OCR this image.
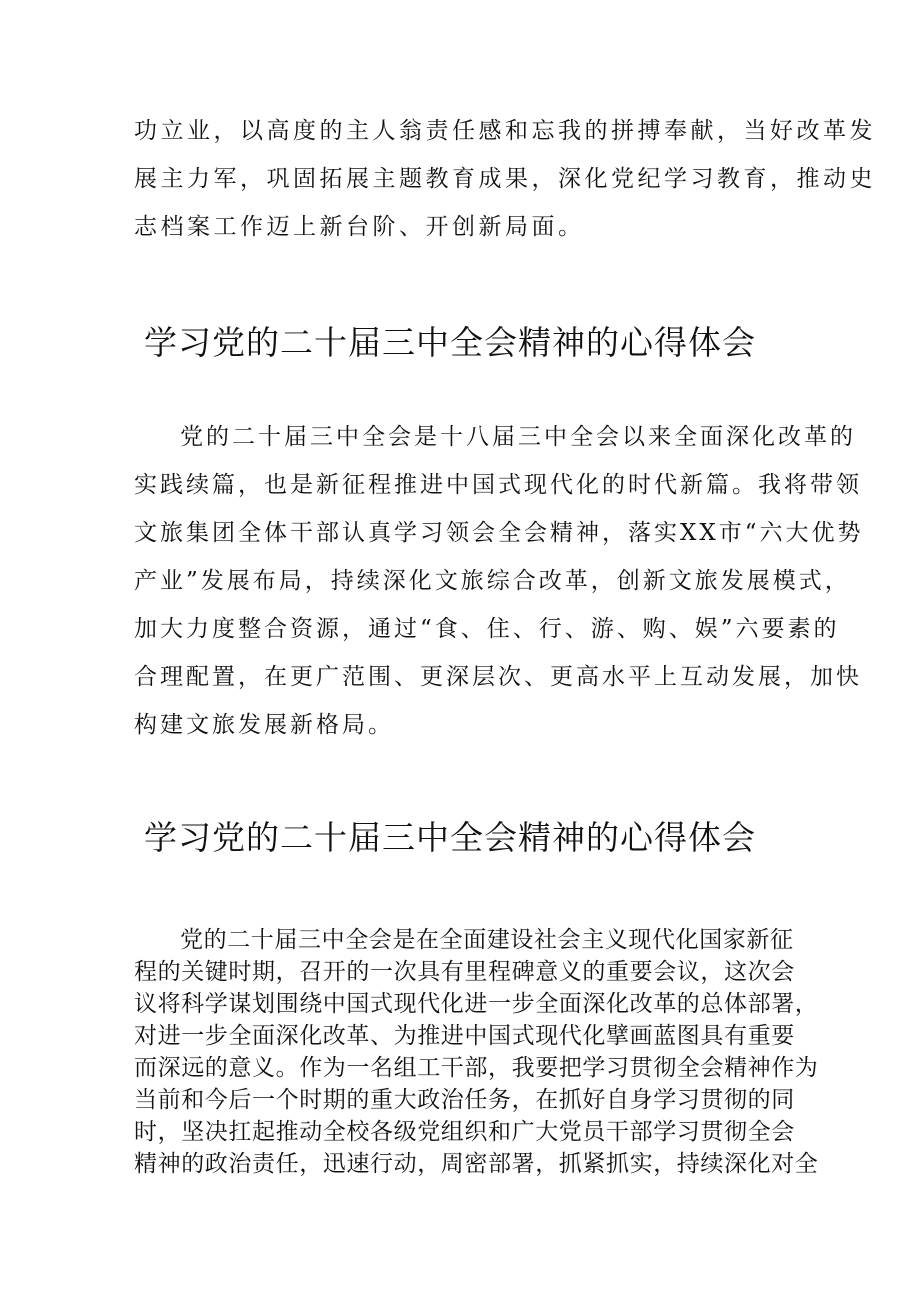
功立业，以高度的主人翁责任感和忘我的拼搏奉献，当好改革发
展主力军，巩固拓展主题教育成果，深化党纪学习教育，推动史
志档案工作迈上新台阶、开创新局面。
学习党的二十届三中全会精神的心得体会
党的二十届三中全会是十八届三中全会以来全面深化改革的
实践续篇，也是新征程推进中国式现代化的时代新篇。我将带领
文旅集团全体干部认真学习领会全会精神，落实XX市“六大优势
产业”发展布局，持续深化文旅综合改革，创新文旅发展模式，
加大力度整合资源，通过“食、住、行、游、购、娱”六要素的
合理配置，在更广范围、更深层次、更高水平上互动发展，加快
构建文旅发展新格局。
学习党的二十届三中全会精神的心得体会
党的二十届三中全会是在全面建设社会主义现代化国家新征
程的关键时期，召开的一次具有里程碑意义的重要会议，这次会
议将科学谋划围绕中国式现代化进一步全面深化改革的总体部署，
对进一步全面深化改革、为推进中国式现代化擘画蓝图具有重要
而深远的意义。作为一名组工干部，我要把学习贯彻全会精神作为
当前和今后一个时期的重大政治任务，在抓好自身学习贯彻的同
时，坚决扛起推动全校各级党组织和广大党员干部学习贯彻全会
精神的政治责任，迅速行动，周密部署，抓紧抓实，持续深化对全
